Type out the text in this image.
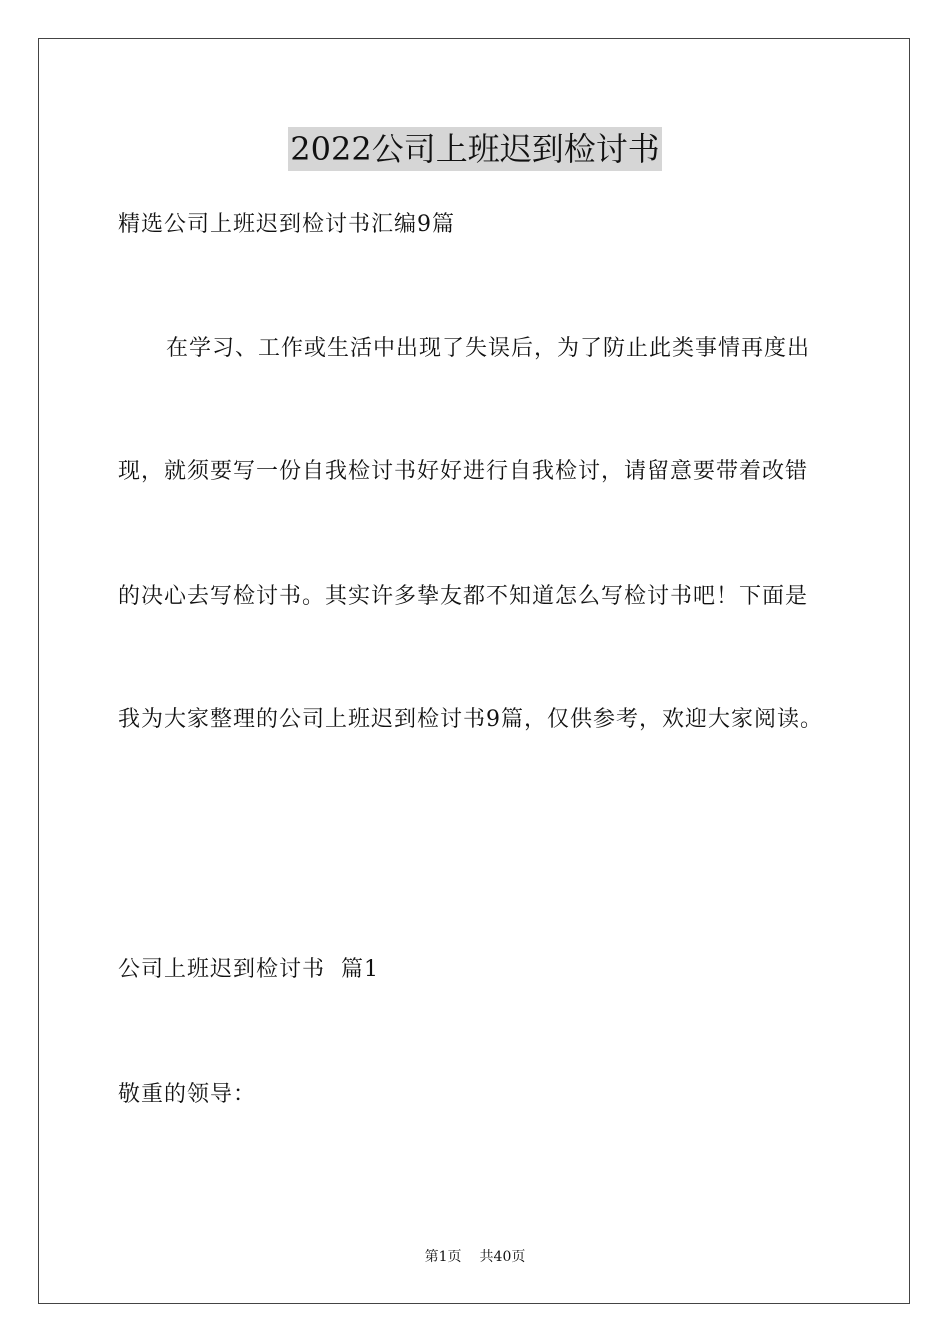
2022公司上班迟到检讨书
精选公司上班迟到检讨书汇编9篇
在学习、工作或生活中出现了失误后，为了防止此类事情再度出
现，就须要写一份自我检讨书好好进行自我检讨，请留意要带着改错
的决心去写检讨书。其实许多挚友都不知道怎么写检讨书吧！下面是
我为大家整理的公司上班迟到检讨书9篇，仅供参考，欢迎大家阅读。
公司上班迟到检讨书  篇1
敬重的领导：
第1页 共40页
